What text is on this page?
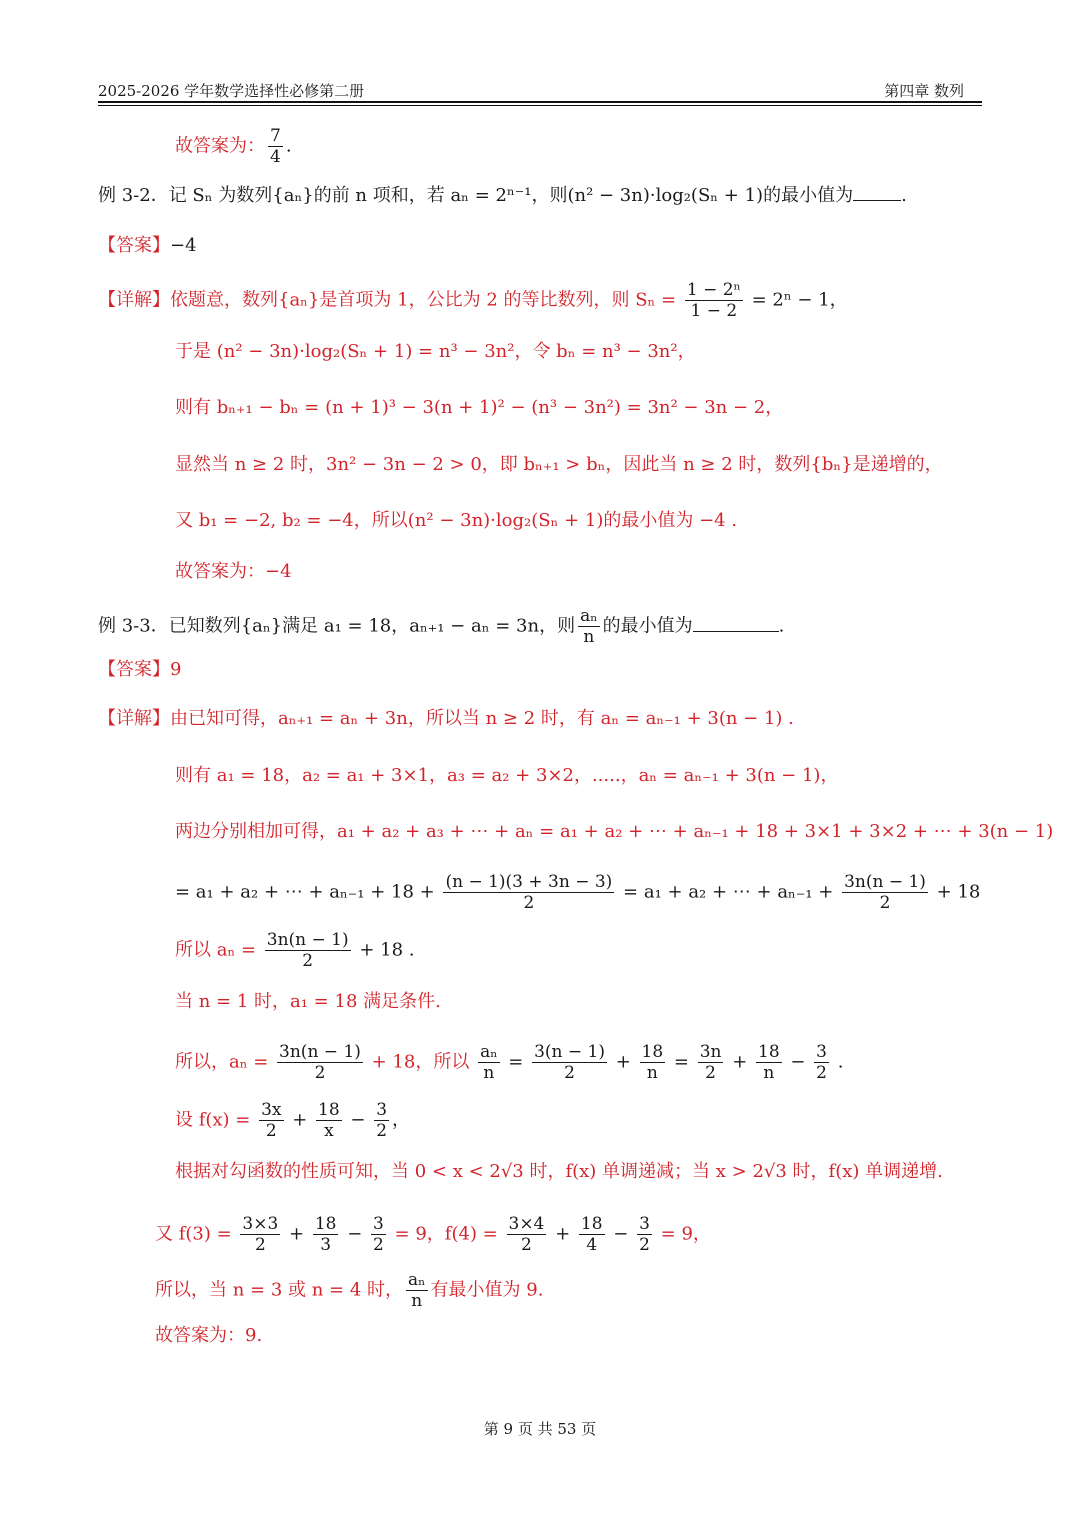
2025-2026 学年数学选择性必修第二册	第四章 数列
故答案为： $\frac{7}{4}$ .
例 3-2．记 Sₙ 为数列{aₙ}的前 n 项和，若 aₙ = 2ⁿ⁻¹，则(n² − 3n)·log₂(Sₙ + 1)的最小值为	.
【答案】−4
【详解】依题意，数列{aₙ}是首项为 1，公比为 2 的等比数列，则 $S_n = \frac{\text{1 − 2ⁿ}}{1 - 2} = 2^n - 1$，
于是 (n² − 3n)·log₂(Sₙ + 1) = n³ − 3n²，令 bₙ = n³ − 3n²，
则有 bₙ₊₁ − bₙ = (n + 1)³ − 3(n + 1)² − (n³ − 3n²) = 3n² − 3n − 2，
显然当 n ≥ 2 时，3n² − 3n − 2 > 0，即 bₙ₊₁ > bₙ，因此当 n ≥ 2 时，数列{bₙ}是递增的，
又 b₁ = −2, b₂ = −4，所以(n² − 3n)·log₂(Sₙ + 1)的最小值为 −4 .
故答案为：−4
例 3-3．已知数列{aₙ}满足 a₁ = 18，aₙ₊₁ − aₙ = 3n，则 $\frac{\text{aₙ}}{n}$ 的最小值为	.
【答案】9
【详解】由已知可得，aₙ₊₁ = aₙ + 3n，所以当 n ≥ 2 时，有 aₙ = aₙ₋₁ + 3(n − 1) .
则有 a₁ = 18，a₂ = a₁ + 3×1，a₃ = a₂ + 3×2，.....，aₙ = aₙ₋₁ + 3(n − 1)，
两边分别相加可得，a₁ + a₂ + a₃ + ⋯ + aₙ = a₁ + a₂ + ⋯ + aₙ₋₁ + 18 + 3×1 + 3×2 + ⋯ + 3(n − 1)
= a₁ + a₂ + ⋯ + $a_{n-1} + 18 + \frac{(n - 1)(3 + 3n - 3)}{2} = a_1 + a_2$ + ⋯ + $a_{n-1} + \frac{3n(n - 1)}{2} + 18$
所以 $a_n = \frac{3n(n - 1)}{2} + 18$ .
当 n = 1 时，a₁ = 18 满足条件.
所以，$a_n = \frac{3n(n - 1)}{2} + 18$，所以 $\frac{\text{aₙ}}{n} = \frac{3(n - 1)}{2} + \frac{18}{n} = \frac{3n}{2} + \frac{18}{n} - \frac{3}{2}$ .
设 $f(x) = \frac{3x}{2} + \frac{18}{x} - \frac{3}{2}$ ，
根据对勾函数的性质可知，当 0 < x < 2√3 时，f(x) 单调递减；当 x > 2√3 时，f(x) 单调递增.
又 $f(3) = \frac{3\times 3}{2} + \frac{18}{3} - \frac{3}{2} = 9$，$f(4) = \frac{3\times 4}{2} + \frac{18}{4} - \frac{3}{2} = 9$，
所以，当 n = 3 或 n = 4 时， $\frac{\text{aₙ}}{n}$ 有最小值为 9.
故答案为：9.
第 9 页 共 53 页
